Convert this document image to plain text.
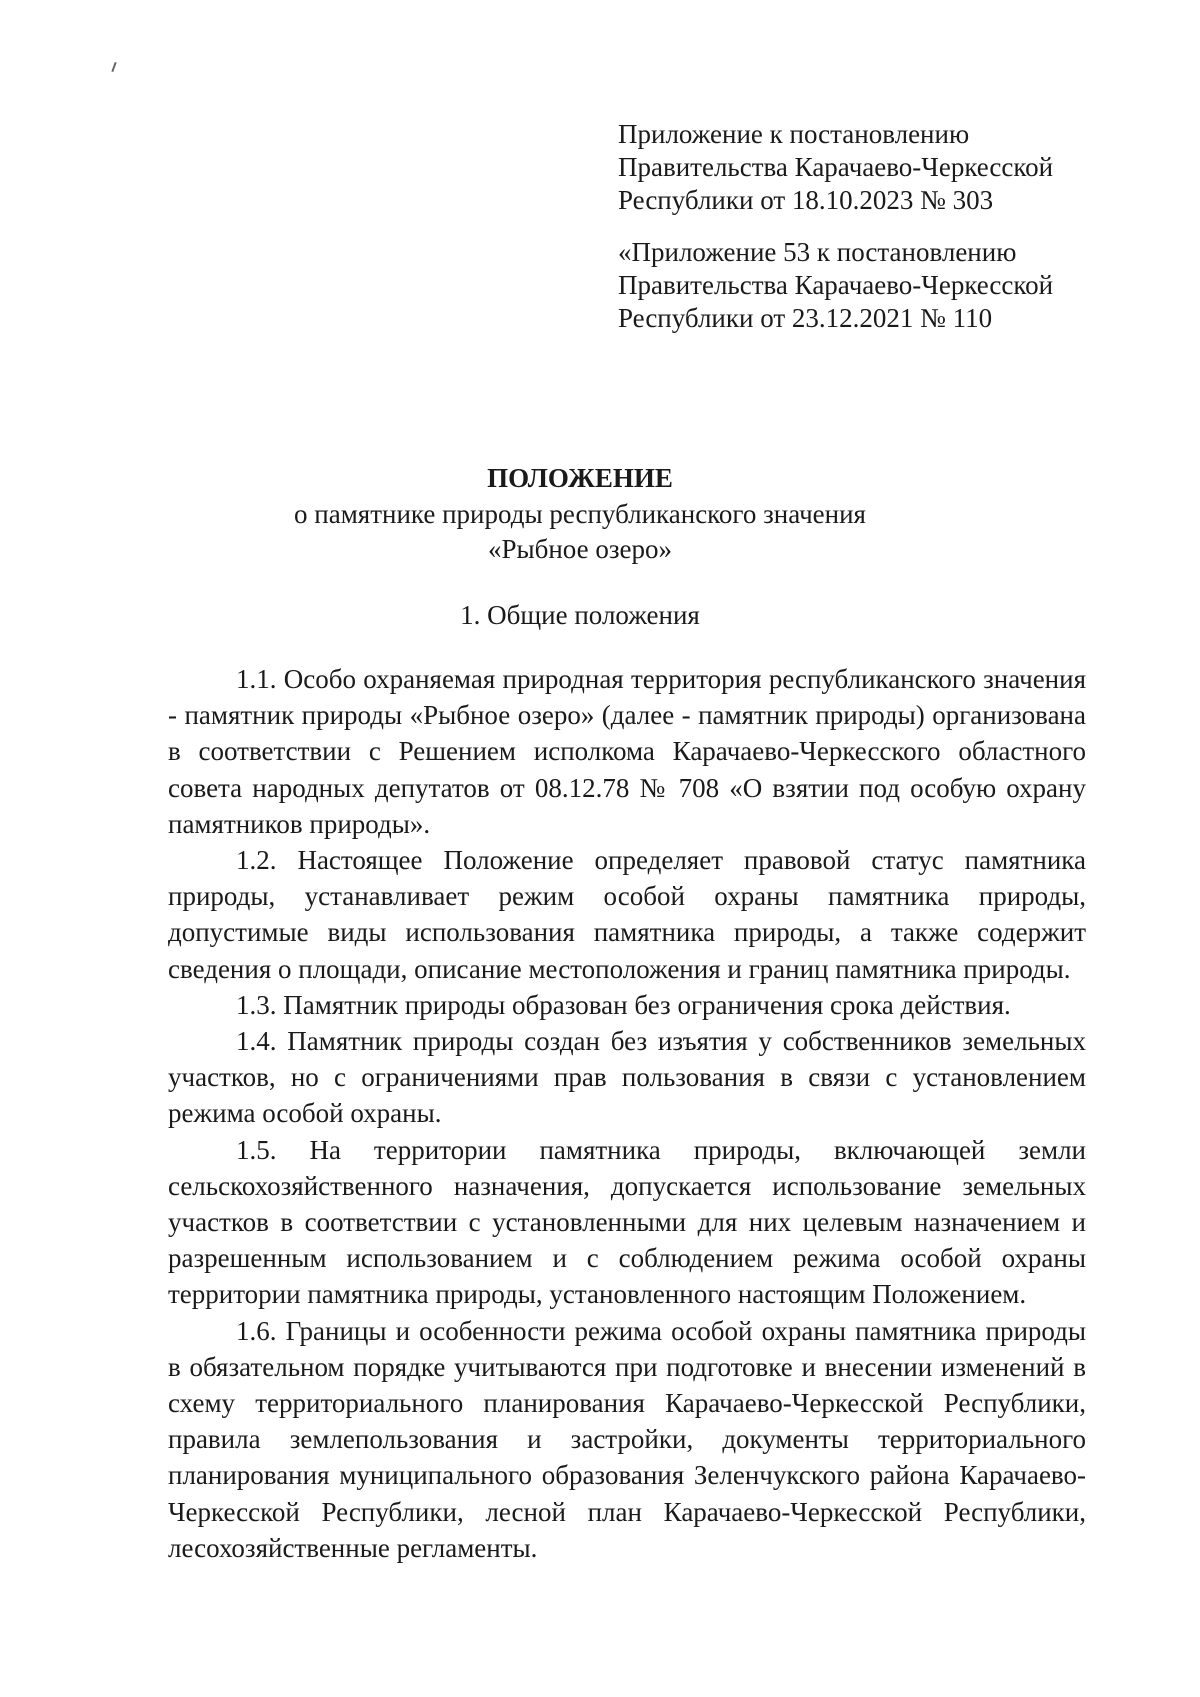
Приложение к постановлению
Правительства Карачаево-Черкесской
Республики от 18.10.2023 № 303
«Приложение 53 к постановлению
Правительства Карачаево-Черкесской
Республики от 23.12.2021 № 110
ПОЛОЖЕНИЕ
о памятнике природы республиканского значения
«Рыбное озеро»
1. Общие положения

1.1. Особо охраняемая природная территория республиканского значения - памятник природы «Рыбное озеро» (далее - памятник природы) организована в соответствии с Решением исполкома Карачаево-Черкесского областного совета народных депутатов от 08.12.78 № 708 «О взятии под особую охрану памятников природы».

1.2. Настоящее Положение определяет правовой статус памятника природы, устанавливает режим особой охраны памятника природы, допустимые виды использования памятника природы, а также содержит сведения о площади, описание местоположения и границ памятника природы.

1.3. Памятник природы образован без ограничения срока действия.

1.4. Памятник природы создан без изъятия у собственников земельных участков, но с ограничениями прав пользования в связи с установлением режима особой охраны.

1.5. На территории памятника природы, включающей земли сельскохозяйственного назначения, допускается использование земельных участков в соответствии с установленными для них целевым назначением и разрешенным использованием и с соблюдением режима особой охраны территории памятника природы, установленного настоящим Положением.

1.6. Границы и особенности режима особой охраны памятника природы в обязательном порядке учитываются при подготовке и внесении изменений в схему территориального планирования Карачаево-Черкесской Республики, правила землепользования и застройки, документы территориального планирования муниципального образования Зеленчукского района Карачаево-Черкесской Республики, лесной план Карачаево-Черкесской Республики, лесохозяйственные регламенты.
